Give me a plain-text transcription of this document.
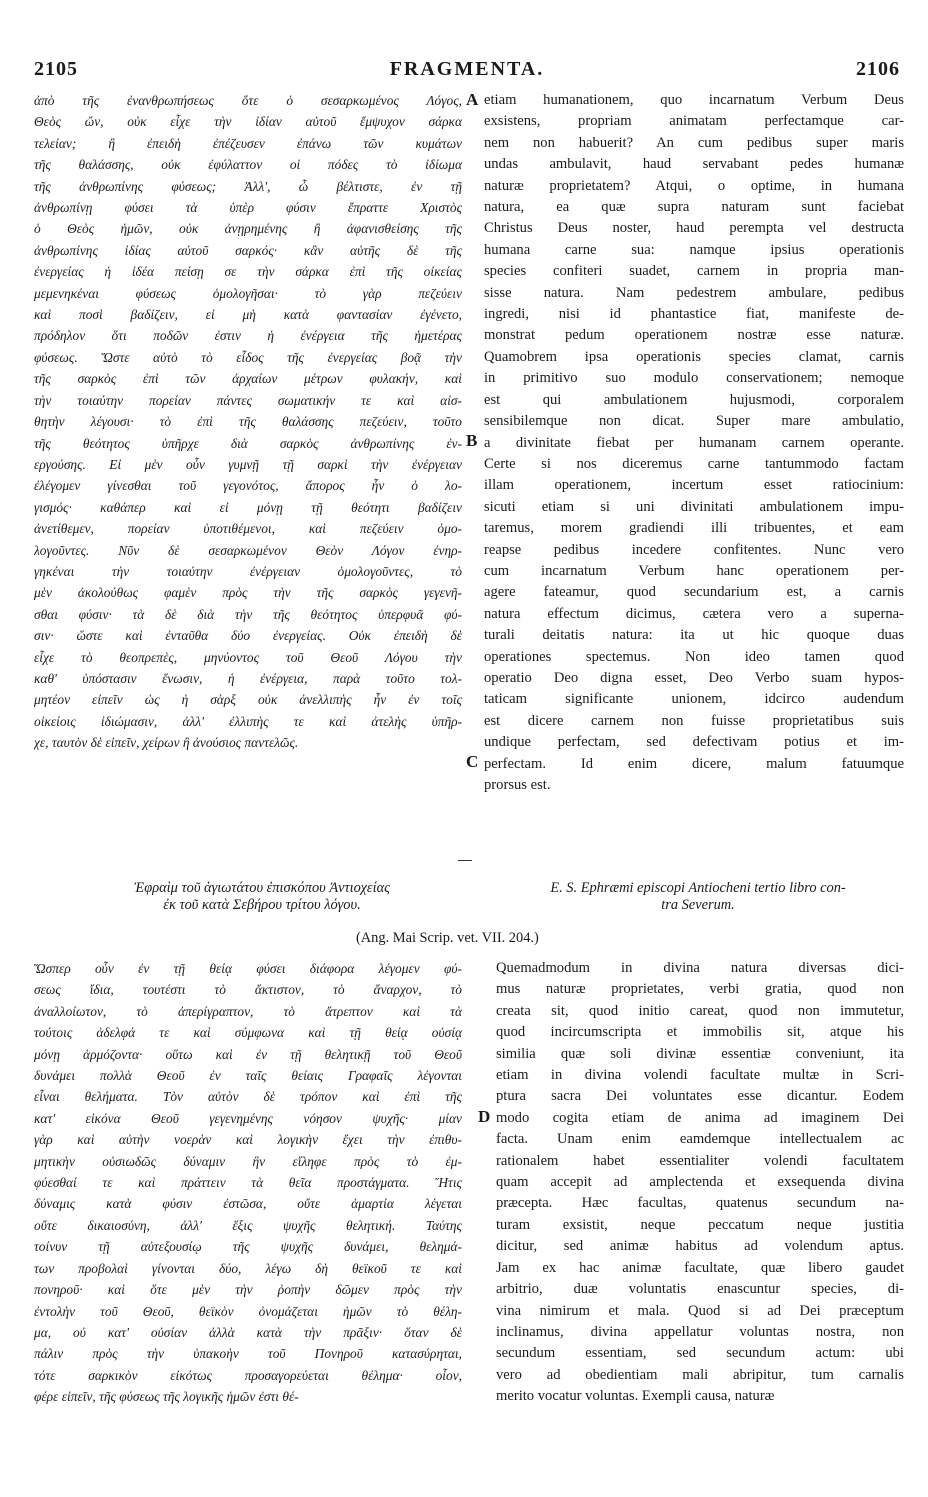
2105	FRAGMENTA.	2106
A
B
C
D
ἀπὸ τῆς ἐνανθρωπήσεως ὅτε ὁ σεσαρκωμένος Λόγος,
Θεὸς ὤν, οὐκ εἶχε τὴν ἰδίαν αὐτοῦ ἔμψυχον σάρκα
τελείαν; ἢ ἐπειδὴ ἐπέζευσεν ἐπάνω τῶν κυμάτων
τῆς θαλάσσης, οὐκ ἐφύλαττον οἱ πόδες τὸ ἰδίωμα
τῆς ἀνθρωπίνης φύσεως; Ἀλλ', ὦ βέλτιστε, ἐν τῇ
ἀνθρωπίνῃ φύσει τὰ ὑπὲρ φύσιν ἔπραττε Χριστὸς
ὁ Θεὸς ἡμῶν, οὐκ ἀνῃρημένης ἢ ἀφανισθείσης τῆς
ἀνθρωπίνης ἰδίας αὐτοῦ σαρκός· κἂν αὐτῆς δὲ τῆς
ἐνεργείας ἡ ἰδέα πείσῃ σε τὴν σάρκα ἐπὶ τῆς οἰκείας
μεμενηκέναι φύσεως ὁμολογῆσαι· τὸ γὰρ πεζεύειν
καὶ ποσὶ βαδίζειν, εἰ μὴ κατὰ φαντασίαν ἐγένετο,
πρόδηλον ὅτι ποδῶν ἐστιν ἡ ἐνέργεια τῆς ἡμετέρας
φύσεως. Ὥστε αὐτὸ τὸ εἶδος τῆς ἐνεργείας βοᾷ τὴν
τῆς σαρκὸς ἐπὶ τῶν ἀρχαίων μέτρων φυλακήν, καὶ
τὴν τοιαύτην πορείαν πάντες σωματικήν τε καὶ αἰσ-
θητὴν λέγουσι· τὸ ἐπὶ τῆς θαλάσσης πεζεύειν, τοῦτο
τῆς θεότητος ὑπῆρχε διὰ σαρκὸς ἀνθρωπίνης ἐν-
εργούσης. Εἰ μὲν οὖν γυμνῇ τῇ σαρκὶ τὴν ἐνέργειαν
ἐλέγομεν γίνεσθαι τοῦ γεγονότος, ἄπορος ἦν ὁ λο-
γισμός· καθάπερ καὶ εἰ μόνῃ τῇ θεότητι βαδίζειν
ἀνετίθεμεν, πορείαν ὑποτιθέμενοι, καὶ πεζεύειν ὁμο-
λογοῦντες. Νῦν δὲ σεσαρκωμένον Θεὸν Λόγον ἐνηρ-
γηκέναι τὴν τοιαύτην ἐνέργειαν ὁμολογοῦντες, τὸ
μὲν ἀκολούθως φαμὲν πρὸς τὴν τῆς σαρκὸς γεγενῆ-
σθαι φύσιν· τὰ δὲ διὰ τὴν τῆς θεότητος ὑπερφυᾶ φύ-
σιν· ὥστε καὶ ἐνταῦθα δύο ἐνεργείας. Οὐκ ἐπειδὴ δὲ
εἶχε τὸ θεοπρεπὲς, μηνύοντος τοῦ Θεοῦ Λόγου τὴν
καθ' ὑπόστασιν ἕνωσιν, ἡ ἐνέργεια, παρὰ τοῦτο τολ-
μητέον εἰπεῖν ὡς ἡ σὰρξ οὐκ ἀνελλιπὴς ἦν ἐν τοῖς
οἰκείοις ἰδιώμασιν, ἀλλ' ἐλλιπὴς τε καὶ ἀτελὴς ὑπῆρ-
χε, ταυτὸν δὲ εἰπεῖν, χείρων ἢ ἀνούσιος παντελῶς.
etiam humanationem, quo incarnatum Verbum Deus
exsistens, propriam animatam perfectamque car-
nem non habuerit? An cum pedibus super maris
undas ambulavit, haud servabant pedes humanæ
naturæ proprietatem? Atqui, o optime, in humana
natura, ea quæ supra naturam sunt faciebat
Christus Deus noster, haud perempta vel destructa
humana carne sua: namque ipsius operationis
species confiteri suadet, carnem in propria man-
sisse natura. Nam pedestrem ambulare, pedibus
ingredi, nisi id phantastice fiat, manifeste de-
monstrat pedum operationem nostræ esse naturæ.
Quamobrem ipsa operationis species clamat, carnis
in primitivo suo modulo conservationem; nemoque
est qui ambulationem hujusmodi, corporalem
sensibilemque non dicat. Super mare ambulatio,
a divinitate fiebat per humanam carnem operante.
Certe si nos diceremus carne tantummodo factam
illam operationem, incertum esset ratiocinium:
sicuti etiam si uni divinitati ambulationem impu-
taremus, morem gradiendi illi tribuentes, et eam
reapse pedibus incedere confitentes. Nunc vero
cum incarnatum Verbum hanc operationem per-
agere fateamur, quod secundarium est, a carnis
natura effectum dicimus, cætera vero a superna-
turali deitatis natura: ita ut hic quoque duas
operationes spectemus. Non ideo tamen quod
operatio Deo digna esset, Deo Verbo suam hypos-
taticam significante unionem, idcirco audendum
est dicere carnem non fuisse proprietatibus suis
undique perfectam, sed defectivam potius et im-
perfectam. Id enim dicere, malum fatuumque
prorsus est.
Ἐφραὶμ τοῦ ἁγιωτάτου ἐπισκόπου Ἀντιοχείας
ἐκ τοῦ κατὰ Σεβήρου τρίτου λόγου.
E. S. Ephræmi episcopi Antiocheni tertio libro con-
tra Severum.
(Ang. Mai Scrip. vet. VII. 204.)
Ὥσπερ οὖν ἐν τῇ θείᾳ φύσει διάφορα λέγομεν φύ-
σεως ἴδια, τουτέστι τὸ ἄκτιστον, τὸ ἄναρχον, τὸ
ἀναλλοίωτον, τὸ ἀπερίγραπτον, τὸ ἄτρεπτον καὶ τὰ
τούτοις ἀδελφά τε καὶ σύμφωνα καὶ τῇ θείᾳ οὐσίᾳ
μόνῃ ἁρμόζοντα· οὕτω καὶ ἐν τῇ θελητικῇ τοῦ Θεοῦ
δυνάμει πολλὰ Θεοῦ ἐν ταῖς θείαις Γραφαῖς λέγονται
εἶναι θελήματα. Τὸν αὐτὸν δὲ τρόπον καὶ ἐπὶ τῆς
κατ' εἰκόνα Θεοῦ γεγενημένης νόησον ψυχῆς· μίαν
γὰρ καὶ αὐτὴν νοερὰν καὶ λογικὴν ἔχει τὴν ἐπιθυ-
μητικὴν οὐσιωδῶς δύναμιν ἣν εἴληφε πρὸς τὸ ἐμ-
φύεσθαί τε καὶ πράττειν τὰ θεῖα προστάγματα. Ἥτις
δύναμις κατὰ φύσιν ἐστῶσα, οὔτε ἁμαρτία λέγεται
οὔτε δικαιοσύνη, ἀλλ' ἕξις ψυχῆς θελητική. Ταύτης
τοίνυν τῇ αὐτεξουσίῳ τῆς ψυχῆς δυνάμει, θελημά-
των προβολαὶ γίνονται δύο, λέγω δὴ θεϊκοῦ τε καὶ
πονηροῦ· καὶ ὅτε μὲν τὴν ῥοπὴν δῶμεν πρὸς τὴν
ἐντολὴν τοῦ Θεοῦ, θεϊκὸν ὀνομάζεται ἡμῶν τὸ θέλη-
μα, οὐ κατ' οὐσίαν ἀλλὰ κατὰ τὴν πρᾶξιν· ὅταν δὲ
πάλιν πρὸς τὴν ὑπακοὴν τοῦ Πονηροῦ κατασύρηται,
τότε σαρκικὸν εἰκότως προσαγορεύεται θέλημα· οἷον,
φέρε εἰπεῖν, τῆς φύσεως τῆς λογικῆς ἡμῶν ἐστι θέ-
Quemadmodum in divina natura diversas dici-
mus naturæ proprietates, verbi gratia, quod non
creata sit, quod initio careat, quod non immutetur,
quod incircumscripta et immobilis sit, atque his
similia quæ soli divinæ essentiæ conveniunt, ita
etiam in divina volendi facultate multæ in Scri-
ptura sacra Dei voluntates esse dicantur. Eodem
modo cogita etiam de anima ad imaginem Dei
facta. Unam enim eamdemque intellectualem ac
rationalem habet essentialiter volendi facultatem
quam accepit ad amplectenda et exsequenda divina
præcepta. Hæc facultas, quatenus secundum na-
turam exsistit, neque peccatum neque justitia
dicitur, sed animæ habitus ad volendum aptus.
Jam ex hac animæ facultate, quæ libero gaudet
arbitrio, duæ voluntatis enascuntur species, di-
vina nimirum et mala. Quod si ad Dei præceptum
inclinamus, divina appellatur voluntas nostra, non
secundum essentiam, sed secundum actum: ubi
vero ad obedientiam mali abripitur, tum carnalis
merito vocatur voluntas. Exempli causa, naturæ
